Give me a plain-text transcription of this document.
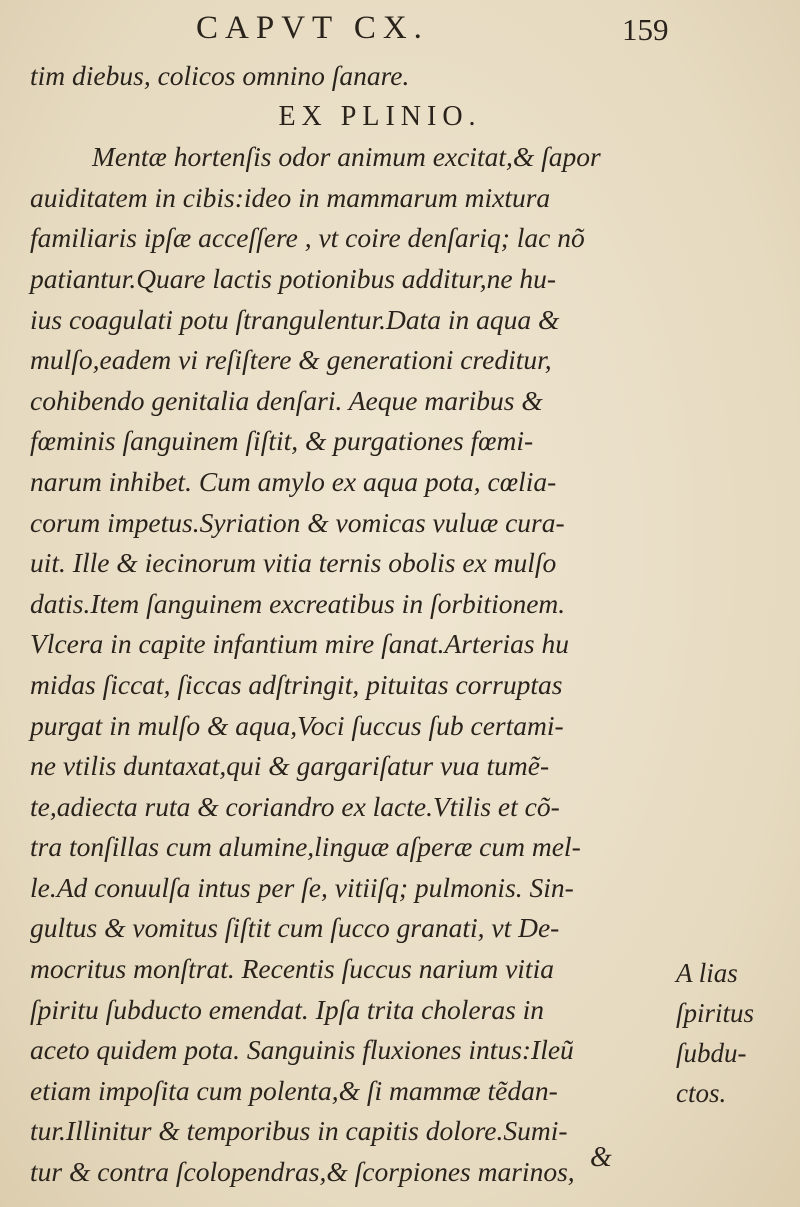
CAPVT CX.	159
tim diebus, colicos omnino ſanare.
EX PLINIO.
Mentæ hortenſis odor animum excitat,& ſapor
auiditatem in cibis:ideo in mammarum mixtura
familiaris ipſæ acceſſere , vt coire denſariq; lac nõ
patiantur.Quare lactis potionibus additur,ne hu-
ius coagulati potu ſtrangulentur.Data in aqua &
mulſo,eadem vi reſiſtere & generationi creditur,
cohibendo genitalia denſari. Aeque maribus &
fœminis ſanguinem ſiſtit, & purgationes fœmi-
narum inhibet. Cum amylo ex aqua pota, cœlia-
corum impetus.Syriation & vomicas vuluæ cura-
uit. Ille & iecinorum vitia ternis obolis ex mulſo
datis.Item ſanguinem excreatibus in ſorbitionem.
Vlcera in capite infantium mire ſanat.Arterias hu
midas ſiccat, ſiccas adſtringit, pituitas corruptas
purgat in mulſo & aqua,Voci ſuccus ſub certami-
ne vtilis duntaxat,qui & gargariſatur vua tumẽ-
te,adiecta ruta & coriandro ex lacte.Vtilis et cõ-
tra tonſillas cum alumine,linguæ aſperæ cum mel-
le.Ad conuulſa intus per ſe, vitiiſq; pulmonis. Sin-
gultus & vomitus ſiſtit cum ſucco granati, vt De-
mocritus monſtrat. Recentis ſuccus narium vitia
ſpiritu ſubducto emendat. Ipſa trita choleras in
aceto quidem pota. Sanguinis fluxiones intus:Ileũ
etiam impoſita cum polenta,& ſi mammæ tẽdan-
tur.Illinitur & temporibus in capitis dolore.Sumi-
tur & contra ſcolopendras,& ſcorpiones marinos,
A lias
ſpiritus
ſubdu-
ctos.
&
